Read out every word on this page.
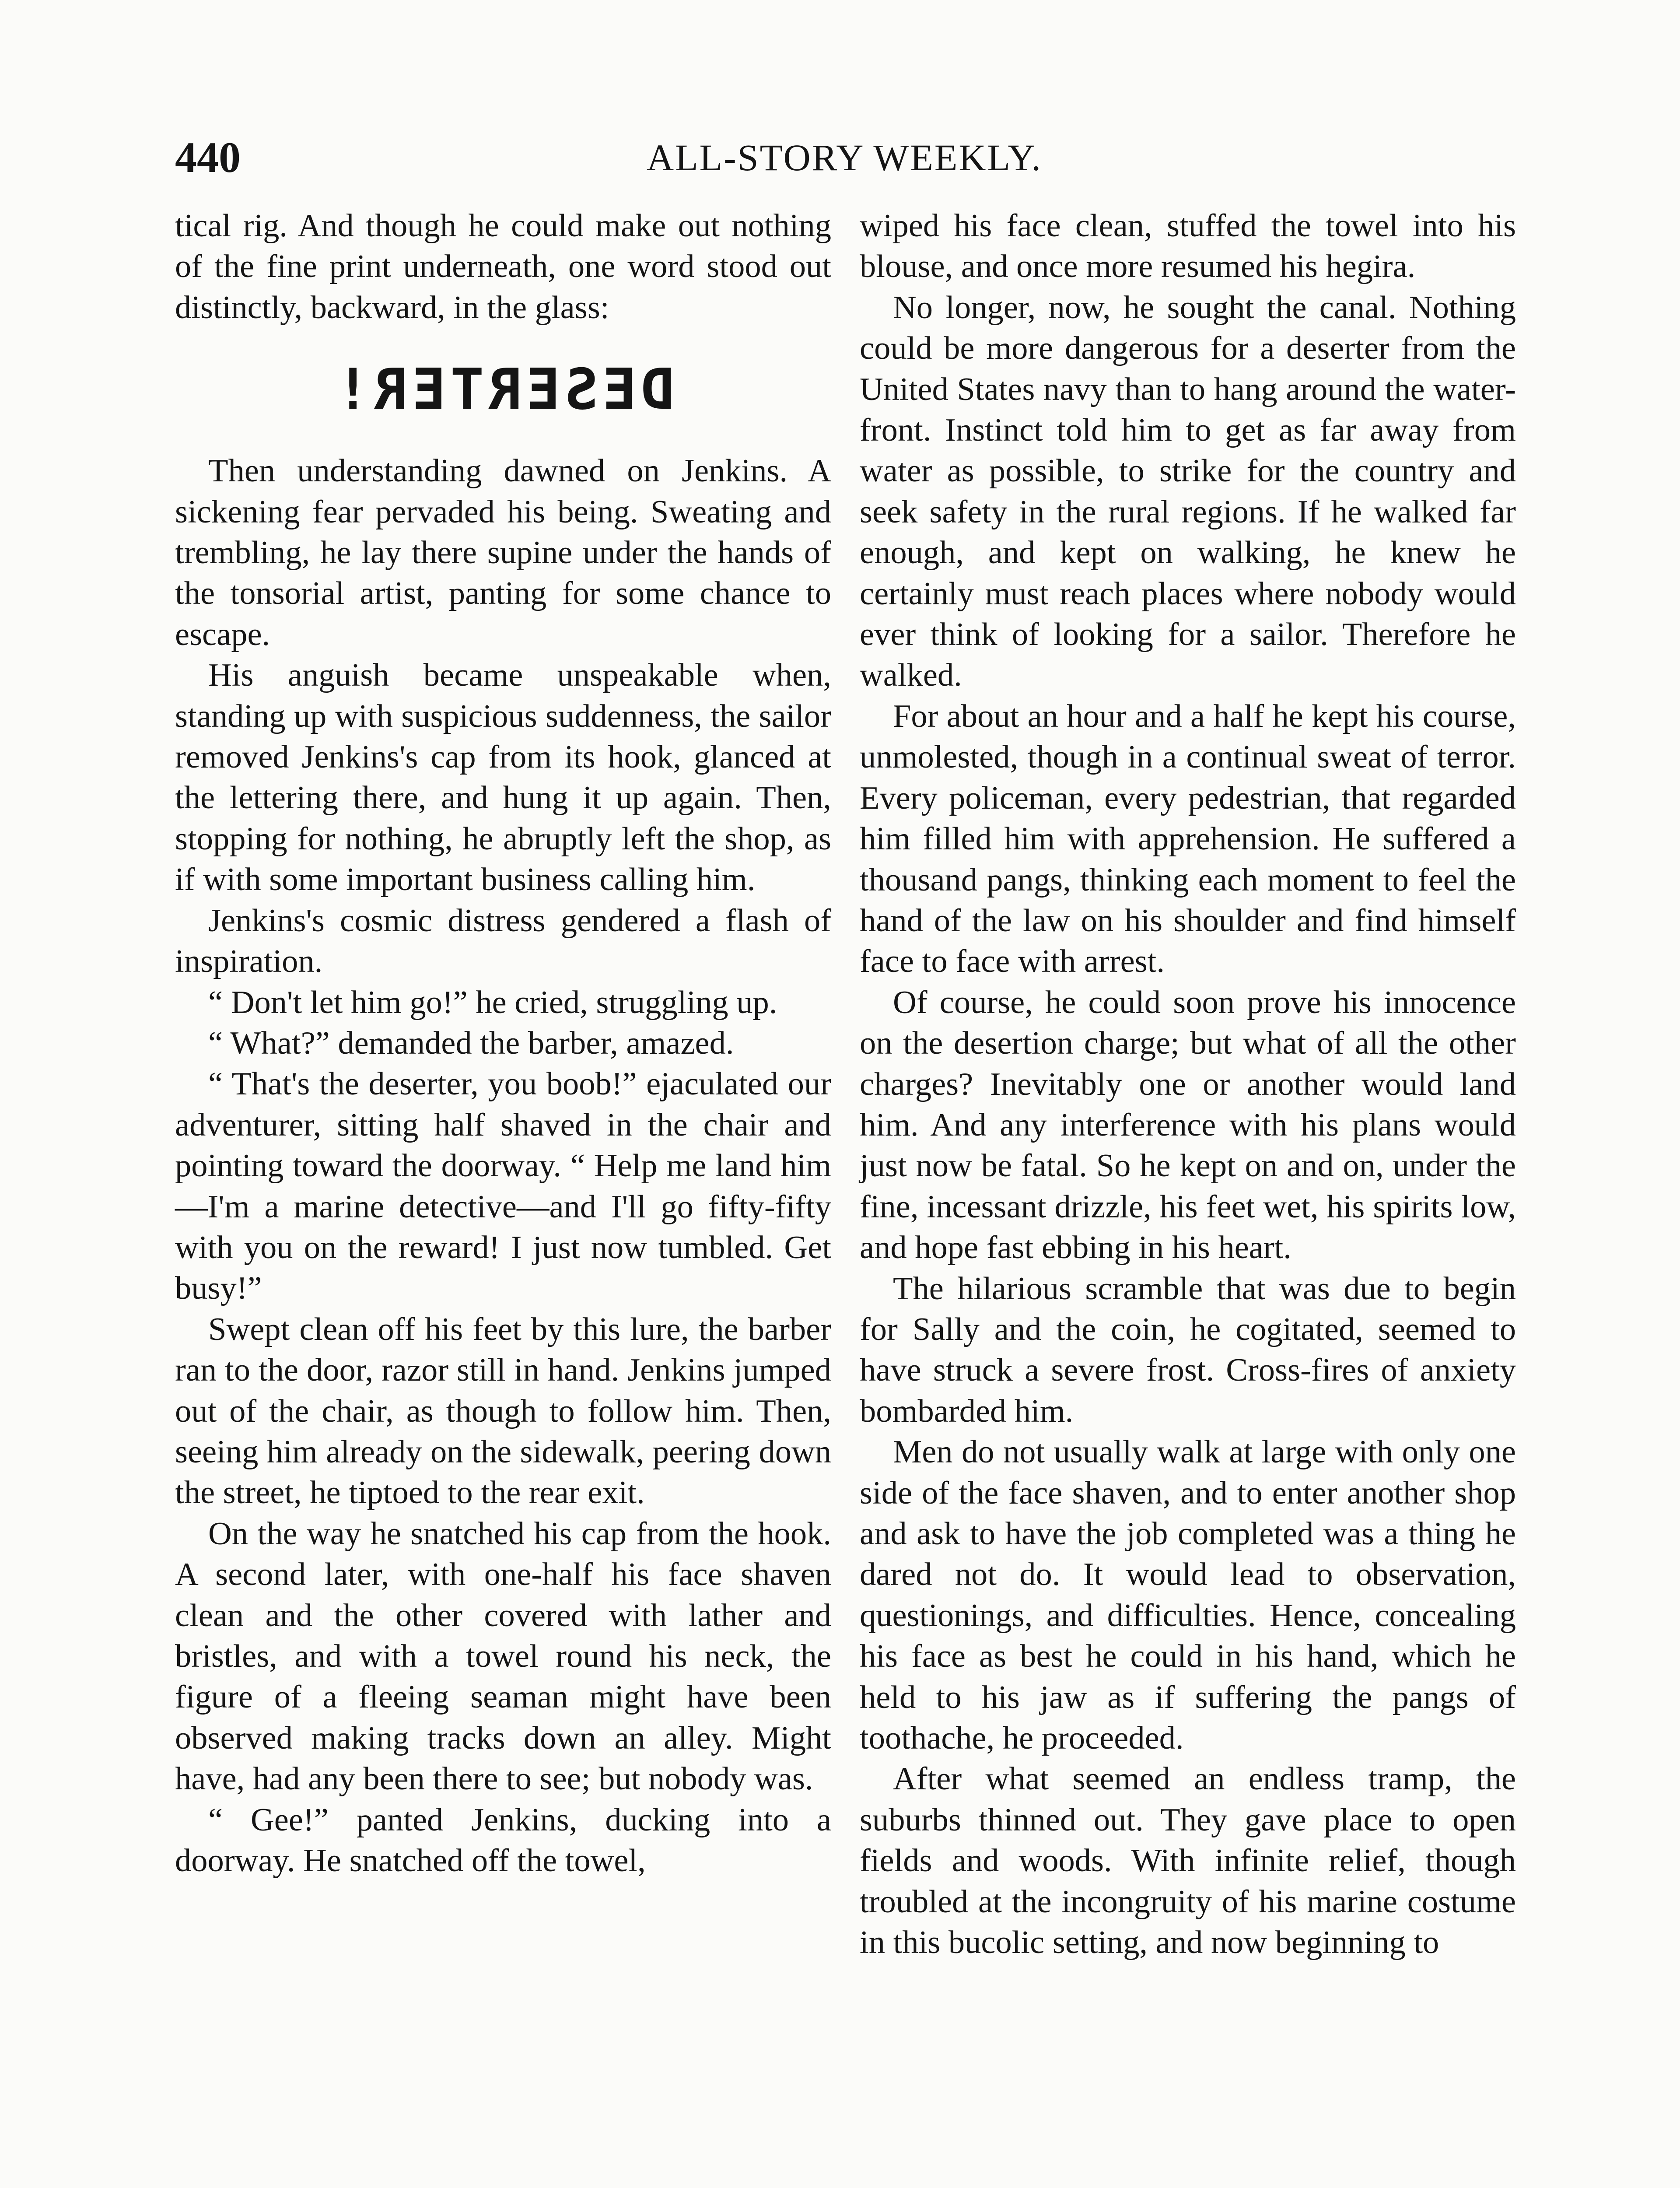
440	ALL-STORY WEEKLY.

tical rig. And though he could make out nothing of the fine print underneath, one word stood out distinctly, backward, in the glass:

DESERTER!

Then understanding dawned on Jenkins. A sickening fear pervaded his being. Sweating and trembling, he lay there supine under the hands of the tonsorial artist, panting for some chance to escape.

His anguish became unspeakable when, standing up with suspicious suddenness, the sailor removed Jenkins's cap from its hook, glanced at the lettering there, and hung it up again. Then, stopping for nothing, he abruptly left the shop, as if with some important business calling him.

Jenkins's cosmic distress gendered a flash of inspiration.

“ Don't let him go!” he cried, struggling up.

“ What?” demanded the barber, amazed.

“ That's the deserter, you boob!” ejaculated our adventurer, sitting half shaved in the chair and pointing toward the doorway. “ Help me land him—I'm a marine detective—and I'll go fifty-fifty with you on the reward! I just now tumbled. Get busy!”

Swept clean off his feet by this lure, the barber ran to the door, razor still in hand. Jenkins jumped out of the chair, as though to follow him. Then, seeing him already on the sidewalk, peering down the street, he tiptoed to the rear exit.

On the way he snatched his cap from the hook. A second later, with one-half his face shaven clean and the other covered with lather and bristles, and with a towel round his neck, the figure of a fleeing seaman might have been observed making tracks down an alley. Might have, had any been there to see; but nobody was.

“ Gee!” panted Jenkins, ducking into a doorway. He snatched off the towel,

wiped his face clean, stuffed the towel into his blouse, and once more resumed his hegira.

No longer, now, he sought the canal. Nothing could be more dangerous for a deserter from the United States navy than to hang around the water-front. Instinct told him to get as far away from water as possible, to strike for the country and seek safety in the rural regions. If he walked far enough, and kept on walking, he knew he certainly must reach places where nobody would ever think of looking for a sailor. Therefore he walked.

For about an hour and a half he kept his course, unmolested, though in a continual sweat of terror. Every policeman, every pedestrian, that regarded him filled him with apprehension. He suffered a thousand pangs, thinking each moment to feel the hand of the law on his shoulder and find himself face to face with arrest.

Of course, he could soon prove his innocence on the desertion charge; but what of all the other charges? Inevitably one or another would land him. And any interference with his plans would just now be fatal. So he kept on and on, under the fine, incessant drizzle, his feet wet, his spirits low, and hope fast ebbing in his heart.

The hilarious scramble that was due to begin for Sally and the coin, he cogitated, seemed to have struck a severe frost. Cross-fires of anxiety bombarded him.

Men do not usually walk at large with only one side of the face shaven, and to enter another shop and ask to have the job completed was a thing he dared not do. It would lead to observation, questionings, and difficulties. Hence, concealing his face as best he could in his hand, which he held to his jaw as if suffering the pangs of toothache, he proceeded.

After what seemed an endless tramp, the suburbs thinned out. They gave place to open fields and woods. With infinite relief, though troubled at the incongruity of his marine costume in this bucolic setting, and now beginning to
